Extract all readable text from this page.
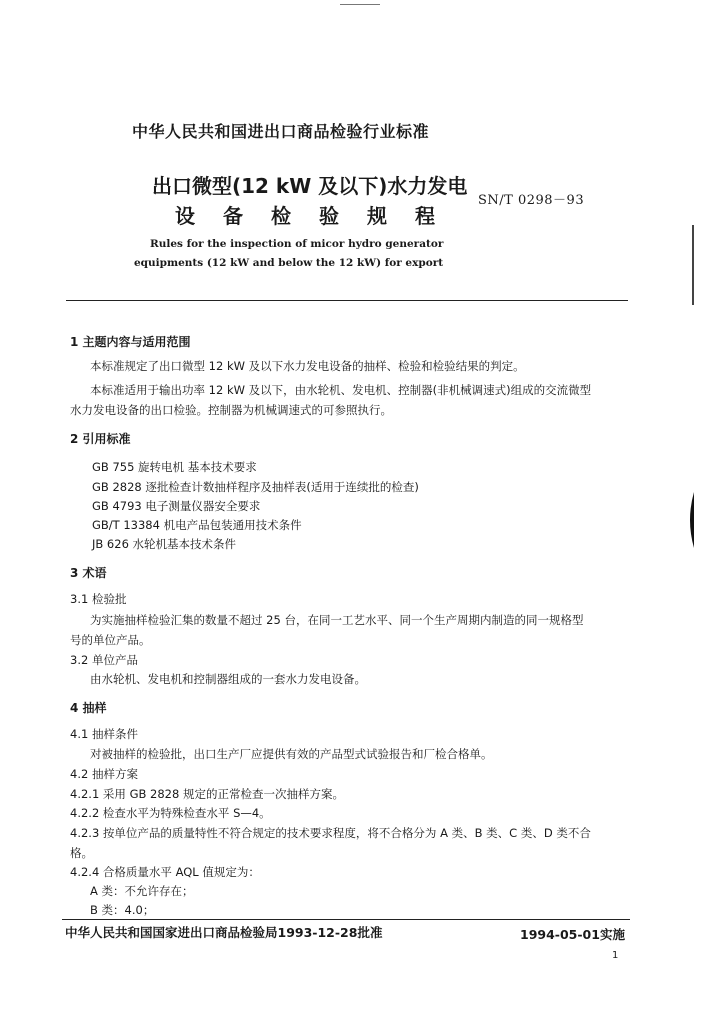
中华人民共和国进出口商品检验行业标准
出口微型(12 kW 及以下)水力发电
设备检验规程
SN/T 0298－93
Rules for the inspection of micor hydro generator
equipments (12 kW and below the 12 kW) for export
1 主题内容与适用范围
本标准规定了出口微型 12 kW 及以下水力发电设备的抽样、检验和检验结果的判定。
本标准适用于输出功率 12 kW 及以下，由水轮机、发电机、控制器(非机械调速式)组成的交流微型
水力发电设备的出口检验。控制器为机械调速式的可参照执行。
2 引用标准
GB 755 旋转电机 基本技术要求
GB 2828 逐批检查计数抽样程序及抽样表(适用于连续批的检查)
GB 4793 电子测量仪器安全要求
GB/T 13384 机电产品包装通用技术条件
JB 626 水轮机基本技术条件
3 术语
3.1 检验批
为实施抽样检验汇集的数量不超过 25 台，在同一工艺水平、同一个生产周期内制造的同一规格型
号的单位产品。
3.2 单位产品
由水轮机、发电机和控制器组成的一套水力发电设备。
4 抽样
4.1 抽样条件
对被抽样的检验批，出口生产厂应提供有效的产品型式试验报告和厂检合格单。
4.2 抽样方案
4.2.1 采用 GB 2828 规定的正常检查一次抽样方案。
4.2.2 检查水平为特殊检查水平 S—4。
4.2.3 按单位产品的质量特性不符合规定的技术要求程度，将不合格分为 A 类、B 类、C 类、D 类不合
格。
4.2.4 合格质量水平 AQL 值规定为：
A 类：不允许存在；
B 类：4.0；
中华人民共和国国家进出口商品检验局1993-12-28批准	1994-05-01实施
1
